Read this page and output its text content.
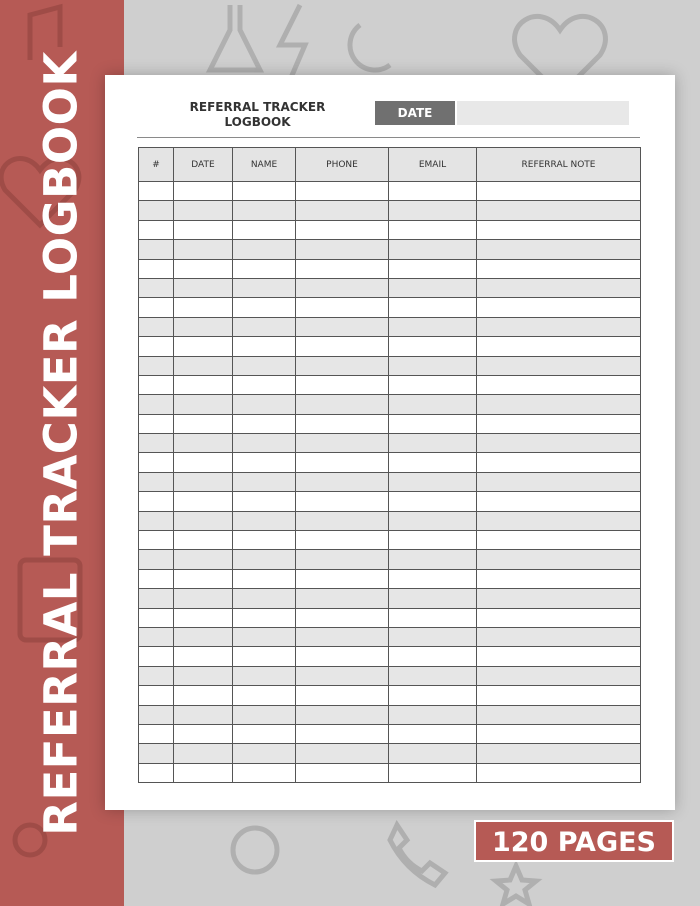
REFERRAL TRACKER LOGBOOK	REFERRAL TRACKER
LOGBOOK
DATE
#	DATE	NAME	PHONE	EMAIL	REFERRAL NOTE

120 PAGES
